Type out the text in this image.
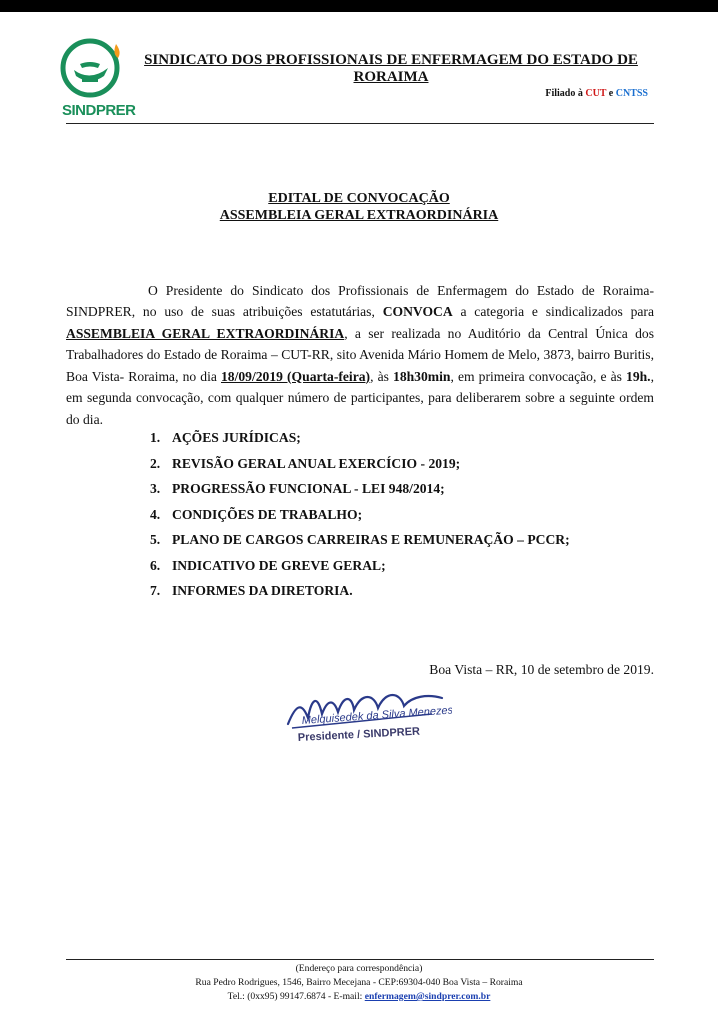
SINDPRER
SINDICATO DOS PROFISSIONAIS DE ENFERMAGEM DO ESTADO DE RORAIMA
Filiado à CUT e CNTSS
EDITAL DE CONVOCAÇÃO
ASSEMBLEIA GERAL EXTRAORDINÁRIA

O Presidente do Sindicato dos Profissionais de Enfermagem do Estado de Roraima-SINDPRER, no uso de suas atribuições estatutárias, CONVOCA a categoria e sindicalizados para ASSEMBLEIA GERAL EXTRAORDINÁRIA, a ser realizada no Auditório da Central Única dos Trabalhadores do Estado de Roraima – CUT-RR, sito Avenida Mário Homem de Melo, 3873, bairro Buritis, Boa Vista- Roraima, no dia 18/09/2019 (Quarta-feira), às 18h30min, em primeira convocação, e às 19h., em segunda convocação, com qualquer número de participantes, para deliberarem sobre a seguinte ordem do dia.

1. AÇÕES JURÍDICAS;
2. REVISÃO GERAL ANUAL EXERCÍCIO - 2019;
3. PROGRESSÃO FUNCIONAL - LEI 948/2014;
4. CONDIÇÕES DE TRABALHO;
5. PLANO DE CARGOS CARREIRAS E REMUNERAÇÃO – PCCR;
6. INDICATIVO DE GREVE GERAL;
7. INFORMES DA DIRETORIA.
Boa Vista – RR, 10 de setembro de 2019.
Melquisedek da Silva Menezes
Presidente / SINDPRER
(Endereço para correspondência)
Rua Pedro Rodrigues, 1546, Bairro Mecejana - CEP:69304-040 Boa Vista – Roraima
Tel.: (0xx95) 99147.6874 - E-mail: enfermagem@sindprer.com.br
